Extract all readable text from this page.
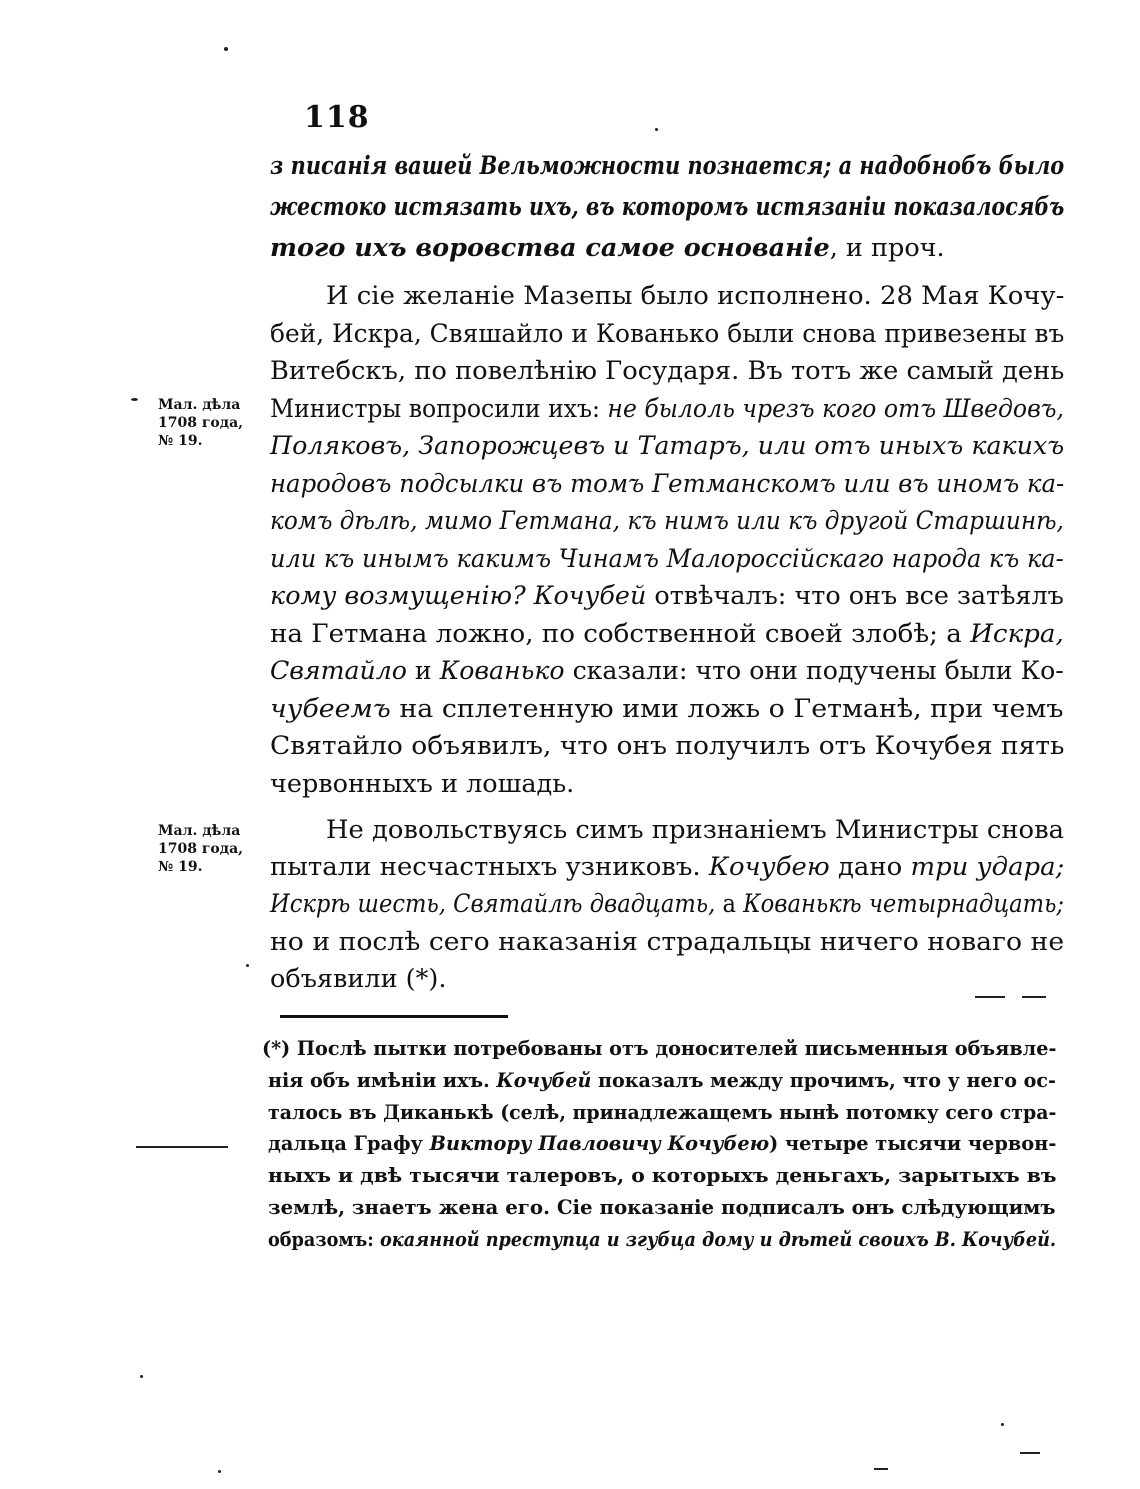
118
з писанія вашей Вельможности познается; а надобнобъ было
жестоко истязать ихъ, въ которомъ истязаніи показалосябъ
того ихъ воровства самое основаніе, и проч.
И сіе желаніе Мазепы было исполнено. 28 Мая Кочу-
бей, Искра, Свяшайло и Кованько были снова привезены въ
Витебскъ, по повелѣнію Государя. Въ тотъ же самый день
Министры вопросили ихъ: не былоль чрезъ кого отъ Шведовъ,
Поляковъ, Запорожцевъ и Татаръ, или отъ иныхъ какихъ
народовъ подсылки въ томъ Гетманскомъ или въ иномъ ка-
комъ дѣлѣ, мимо Гетмана, къ нимъ или къ другой Старшинѣ,
или къ инымъ какимъ Чинамъ Малороссійскаго народа къ ка-
кому возмущенію? Кочубей отвѣчалъ: что онъ все затѣялъ
на Гетмана ложно, по собственной своей злобѣ; а Искра,
Святайло и Кованько сказали: что они подучены были Ко-
чубеемъ на сплетенную ими ложь о Гетманѣ, при чемъ
Святайло объявилъ, что онъ получилъ отъ Кочубея пять
червонныхъ и лошадь.
Не довольствуясь симъ признаніемъ Министры снова
пытали несчастныхъ узниковъ. Кочубею дано три удара;
Искрѣ шесть, Святайлѣ двадцать, а Кованькѣ четырнадцать;
но и послѣ сего наказанія страдальцы ничего новаго не
объявили (*).
Мал. дѣла
1708 года,
№ 19.
Мал. дѣла
1708 года,
№ 19.
(*) Послѣ пытки потребованы отъ доносителей письменныя объявле-
нія объ имѣніи ихъ. Кочубей показалъ между прочимъ, что у него ос-
талось въ Диканькѣ (селѣ, принадлежащемъ нынѣ потомку сего стра-
дальца Графу Виктору Павловичу Кочубею) четыре тысячи червон-
ныхъ и двѣ тысячи талеровъ, о которыхъ деньгахъ, зарытыхъ въ
землѣ, знаетъ жена его. Сіе показаніе подписалъ онъ слѣдующимъ
образомъ: окаянной преступца и згубца дому и дѣтей своихъ В. Кочубей.
